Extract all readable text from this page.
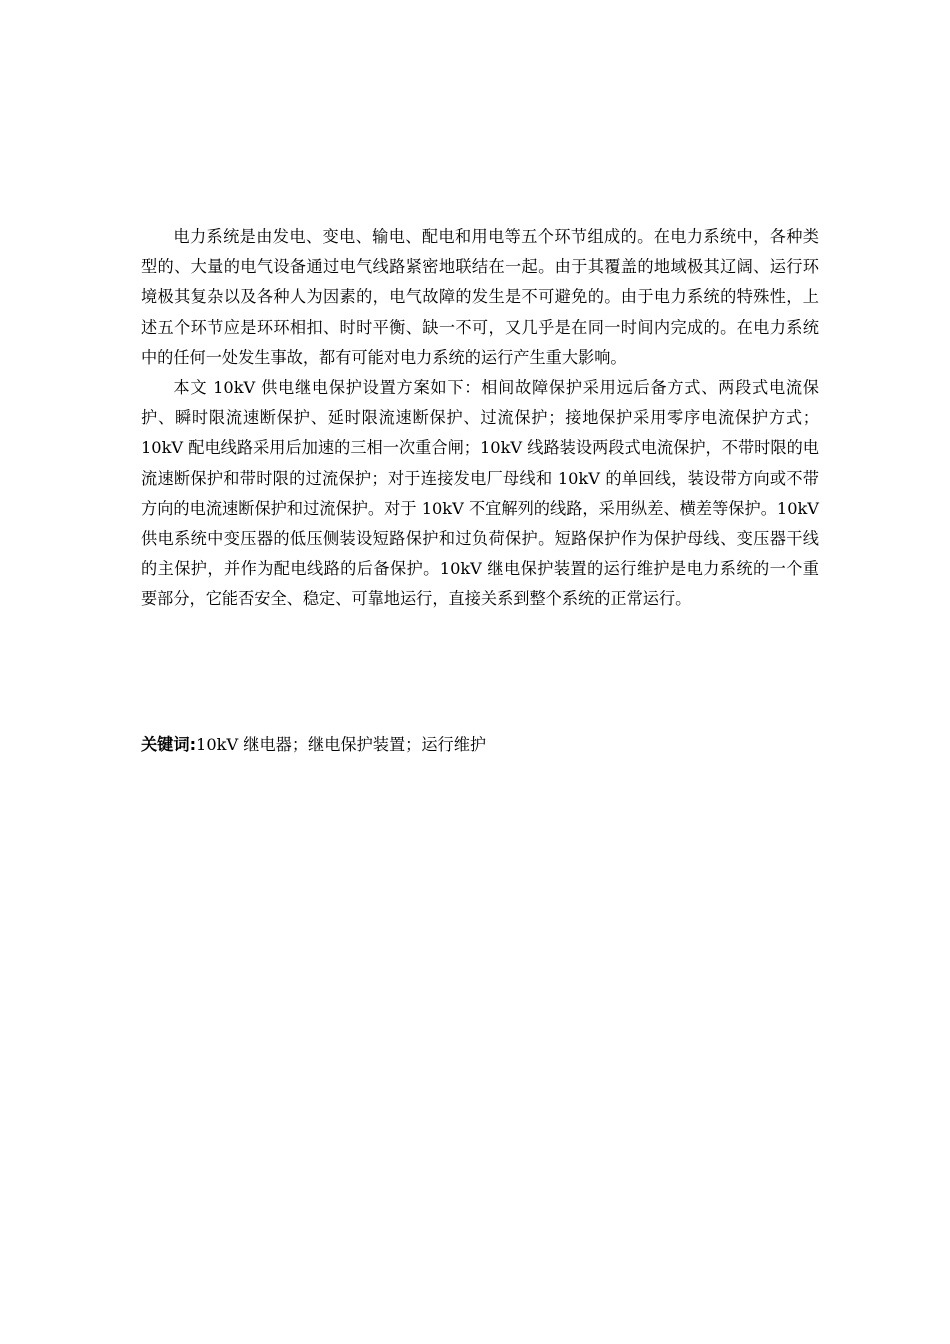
电力系统是由发电、变电、输电、配电和用电等五个环节组成的。在电力系统中，各种类型的、大量的电气设备通过电气线路紧密地联结在一起。由于其覆盖的地域极其辽阔、运行环境极其复杂以及各种人为因素的，电气故障的发生是不可避免的。由于电力系统的特殊性，上述五个环节应是环环相扣、时时平衡、缺一不可，又几乎是在同一时间内完成的。在电力系统中的任何一处发生事故，都有可能对电力系统的运行产生重大影响。

本文 10kV 供电继电保护设置方案如下：相间故障保护采用远后备方式、两段式电流保护、瞬时限流速断保护、延时限流速断保护、过流保护；接地保护采用零序电流保护方式；10kV 配电线路采用后加速的三相一次重合闸；10kV 线路装设两段式电流保护，不带时限的电流速断保护和带时限的过流保护；对于连接发电厂母线和 10kV 的单回线，装设带方向或不带方向的电流速断保护和过流保护。对于 10kV 不宜解列的线路，采用纵差、横差等保护。10kV 供电系统中变压器的低压侧装设短路保护和过负荷保护。短路保护作为保护母线、变压器干线的主保护，并作为配电线路的后备保护。10kV 继电保护装置的运行维护是电力系统的一个重要部分，它能否安全、稳定、可靠地运行，直接关系到整个系统的正常运行。

关键词:10kV 继电器；继电保护装置；运行维护
